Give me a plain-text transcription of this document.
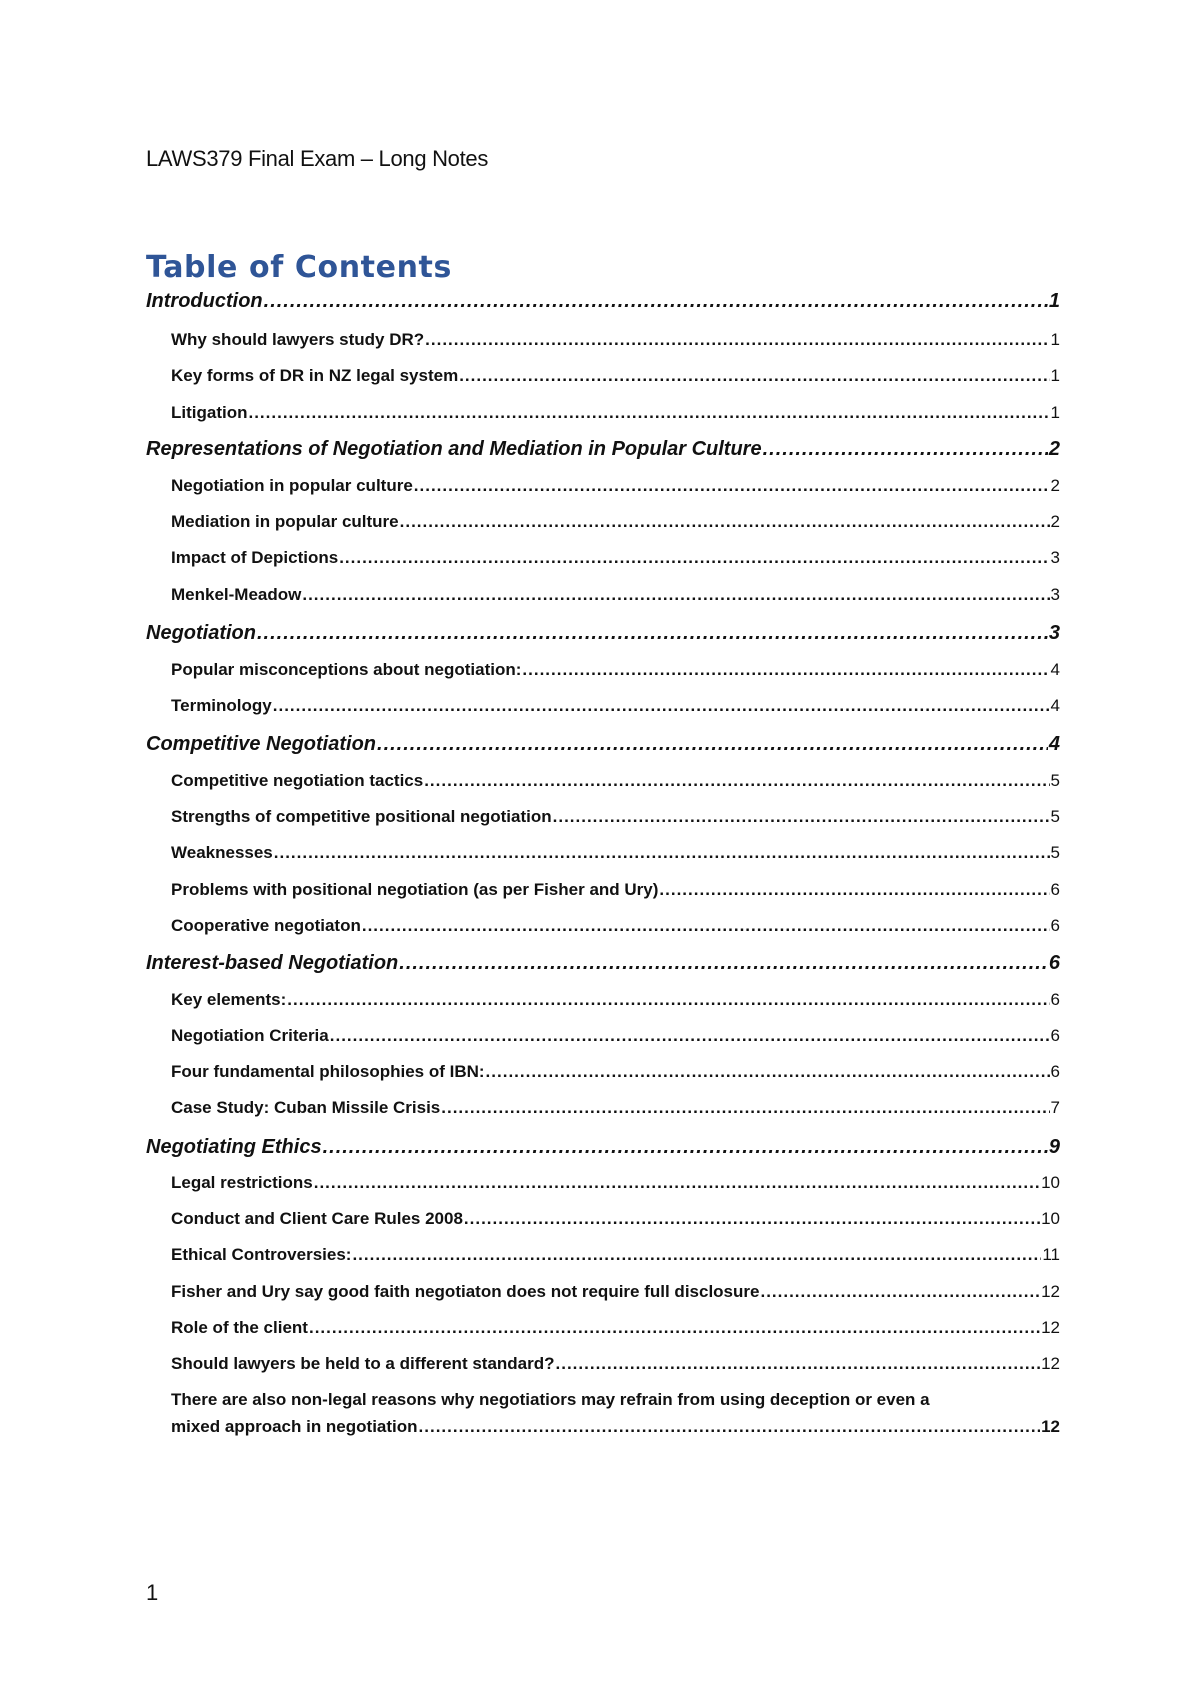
LAWS379 Final Exam – Long Notes
Table of Contents
Introduction .....	1
Why should lawyers study DR? .....	1
Key forms of DR in NZ legal system .....	1
Litigation .....	1
Representations of Negotiation and Mediation in Popular Culture .....	2
Negotiation in popular culture .....	2
Mediation in popular culture .....	2
Impact of Depictions .....	3
Menkel-Meadow .....	3
Negotiation .....	3
Popular misconceptions about negotiation: .....	4
Terminology .....	4
Competitive Negotiation .....	4
Competitive negotiation tactics .....	5
Strengths of competitive positional negotiation .....	5
Weaknesses .....	5
Problems with positional negotiation (as per Fisher and Ury) .....	6
Cooperative negotiaton .....	6
Interest-based Negotiation .....	6
Key elements: .....	6
Negotiation Criteria .....	6
Four fundamental philosophies of IBN: .....	6
Case Study: Cuban Missile Crisis .....	7
Negotiating Ethics .....	9
Legal restrictions .....	10
Conduct and Client Care Rules 2008 .....	10
Ethical Controversies: .....	11
Fisher and Ury say good faith negotiaton does not require full disclosure .....	12
Role of the client .....	12
Should lawyers be held to a different standard? .....	12
There are also non-legal reasons why negotiatiors may refrain from using deception or even a
mixed approach in negotiation .....	12
1
